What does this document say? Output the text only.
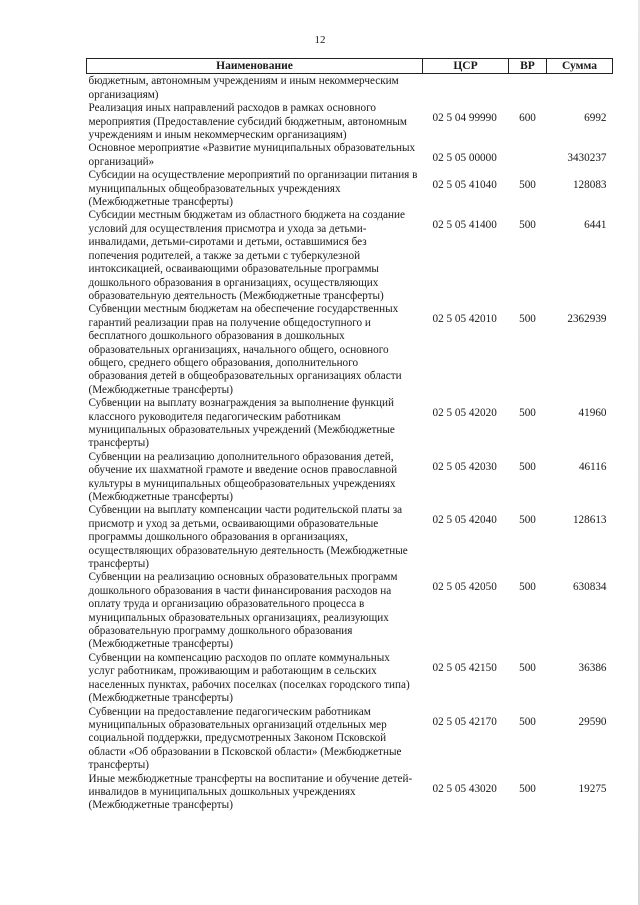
12
Наименование	ЦСР	ВР	Сумма
бюджетным, автономным учреждениям и иным некоммерческим организациям)			
Реализация иных направлений расходов в рамках основного мероприятия (Предоставление субсидий бюджетным, автономным учреждениям и иным некоммерческим организациям)	02 5 04 99990	600	6992
Основное мероприятие «Развитие муниципальных образовательных организаций»	02 5 05 00000		3430237
Субсидии на осуществление мероприятий по организации питания в муниципальных общеобразовательных учреждениях (Межбюджетные трансферты)	02 5 05 41040	500	128083
Субсидии местным бюджетам из областного бюджета на создание условий для осуществления присмотра и ухода за детьми-инвалидами, детьми-сиротами и детьми, оставшимися без попечения родителей, а также за детьми с туберкулезной интоксикацией, осваивающими образовательные программы дошкольного образования в организациях, осуществляющих образовательную деятельность (Межбюджетные трансферты)	02 5 05 41400	500	6441
Субвенции местным бюджетам на обеспечение государственных гарантий реализации прав на получение общедоступного и бесплатного дошкольного образования в дошкольных образовательных организациях, начального общего, основного общего, среднего общего образования, дополнительного образования детей в общеобразовательных организациях области (Межбюджетные трансферты)	02 5 05 42010	500	2362939
Субвенции на выплату вознаграждения за выполнение функций классного руководителя педагогическим работникам муниципальных образовательных учреждений (Межбюджетные трансферты)	02 5 05 42020	500	41960
Субвенции на реализацию дополнительного образования детей, обучение их шахматной грамоте и введение основ православной культуры в муниципальных общеобразовательных учреждениях (Межбюджетные трансферты)	02 5 05 42030	500	46116
Субвенции на выплату компенсации части родительской платы за присмотр и уход за детьми, осваивающими образовательные программы дошкольного образования в организациях, осуществляющих образовательную деятельность (Межбюджетные трансферты)	02 5 05 42040	500	128613
Субвенции на реализацию основных образовательных программ дошкольного образования в части финансирования расходов на оплату труда и организацию образовательного процесса в муниципальных образовательных организациях, реализующих образовательную программу дошкольного образования (Межбюджетные трансферты)	02 5 05 42050	500	630834
Субвенции на компенсацию расходов по оплате коммунальных услуг работникам, проживающим и работающим в сельских населенных пунктах, рабочих поселках (поселках городского типа) (Межбюджетные трансферты)	02 5 05 42150	500	36386
Субвенции на предоставление педагогическим работникам муниципальных образовательных организаций отдельных мер социальной поддержки, предусмотренных Законом Псковской области «Об образовании в Псковской области» (Межбюджетные трансферты)	02 5 05 42170	500	29590
Иные межбюджетные трансферты на воспитание и обучение детей-инвалидов в муниципальных дошкольных учреждениях (Межбюджетные трансферты)	02 5 05 43020	500	19275
